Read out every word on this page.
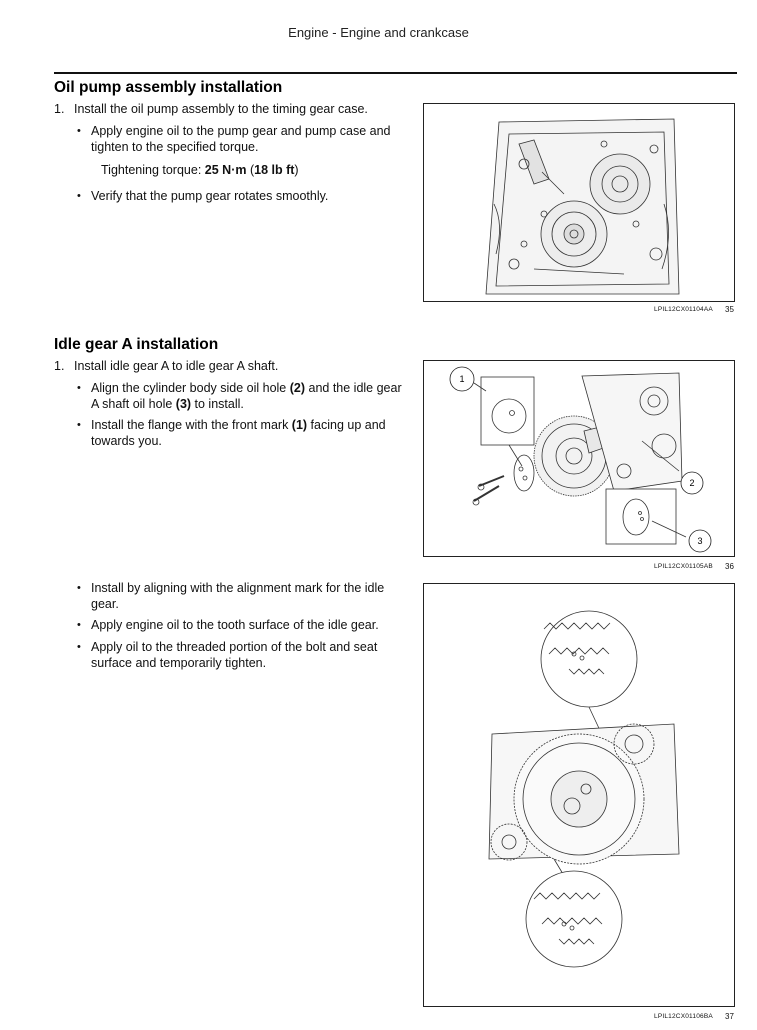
Engine - Engine and crankcase
Oil pump assembly installation
1. Install the oil pump assembly to the timing gear case.
• Apply engine oil to the pump gear and pump case and tighten to the specified torque.
Tightening torque: 25 N·m (18 lb ft)
• Verify that the pump gear rotates smoothly.
LPIL12CX01104AA 35
Idle gear A installation
1. Install idle gear A to idle gear A shaft.
• Align the cylinder body side oil hole (2) and the idle gear A shaft oil hole (3) to install.
• Install the flange with the front mark (1) facing up and towards you.
1
2
3
LPIL12CX01105AB 36
• Install by aligning with the alignment mark for the idle gear.
• Apply engine oil to the tooth surface of the idle gear.
• Apply oil to the threaded portion of the bolt and seat surface and temporarily tighten.
LPIL12CX01106BA 37
